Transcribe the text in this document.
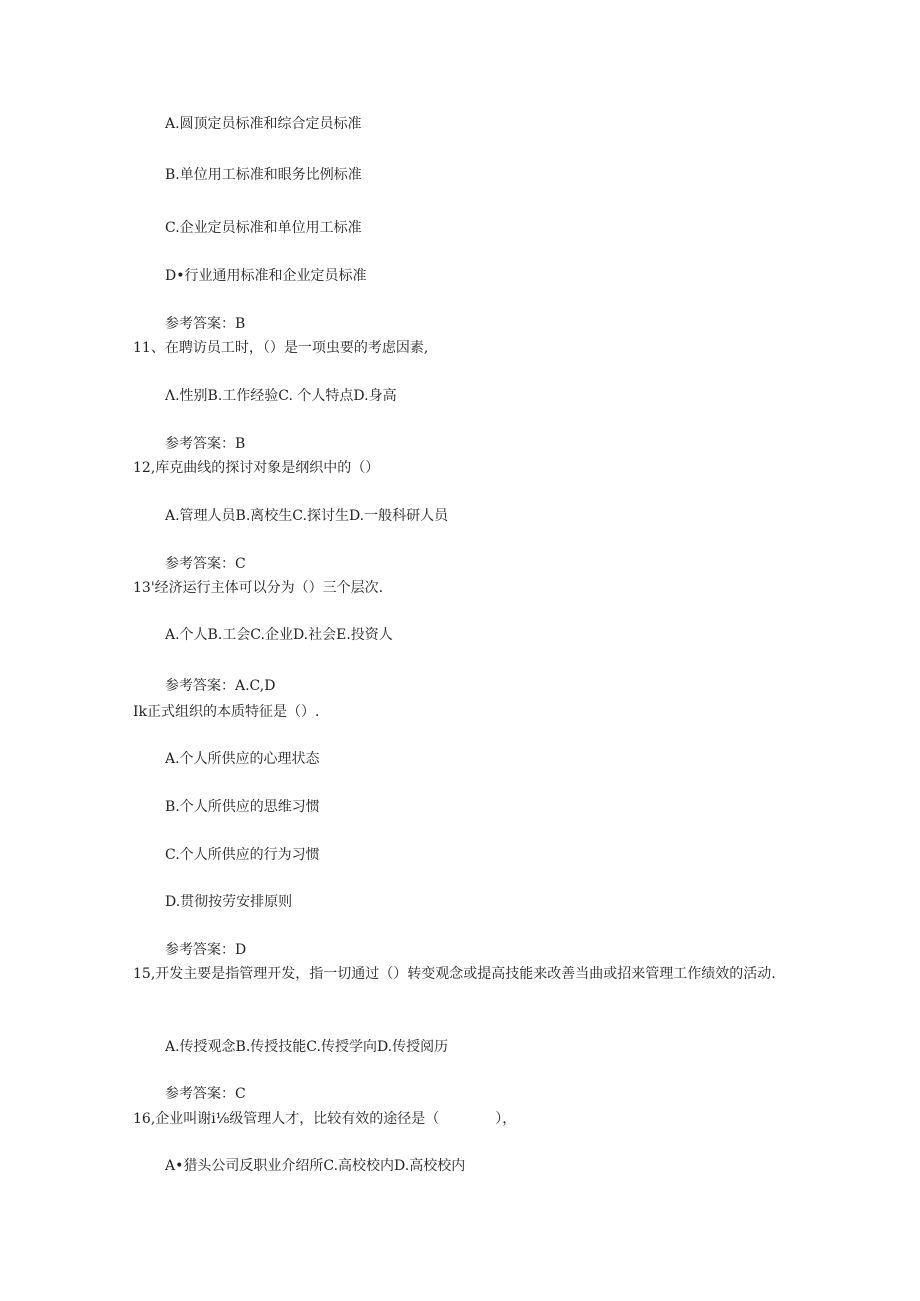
A.圆顶定员标准和综合定员标准
B.单位用工标准和眼务比例标准
C.企业定员标准和单位用工标准
D•行业通用标准和企业定员标准
参考答案：B
11、在聘访员工时，（）是一项虫要的考虑因素,
Λ.性别B.工作经验C. 个人特点D.身高
参考答案：B
12,库克曲线的探讨对象是纲织中的（）
A.管理人员B.离校生C.探讨生D.一般科研人员
参考答案：C
13'经济运行主体可以分为（）三个层次.
A.个人B.工会C.企业D.社会E.投资人
参考答案：A.C,D
Ik正式组织的本质特征是（）.
A.个人所供应的心理状态
B.个人所供应的思维习惯
C.个人所供应的行为习惯
D.贯彻按劳安排原则
参考答案：D
15,开发主要是指管理开发，指一切通过（）转变观念或提高技能来改善当曲或招来管理工作绩效的活动.
A.传授观念B.传授技能C.传授学向D.传授阅历
参考答案：C
16,企业叫谢i⅛级管理人才，比较有效的途径是（　　　　），
A•猎头公司反职业介绍所C.高校校内D.高校校内
